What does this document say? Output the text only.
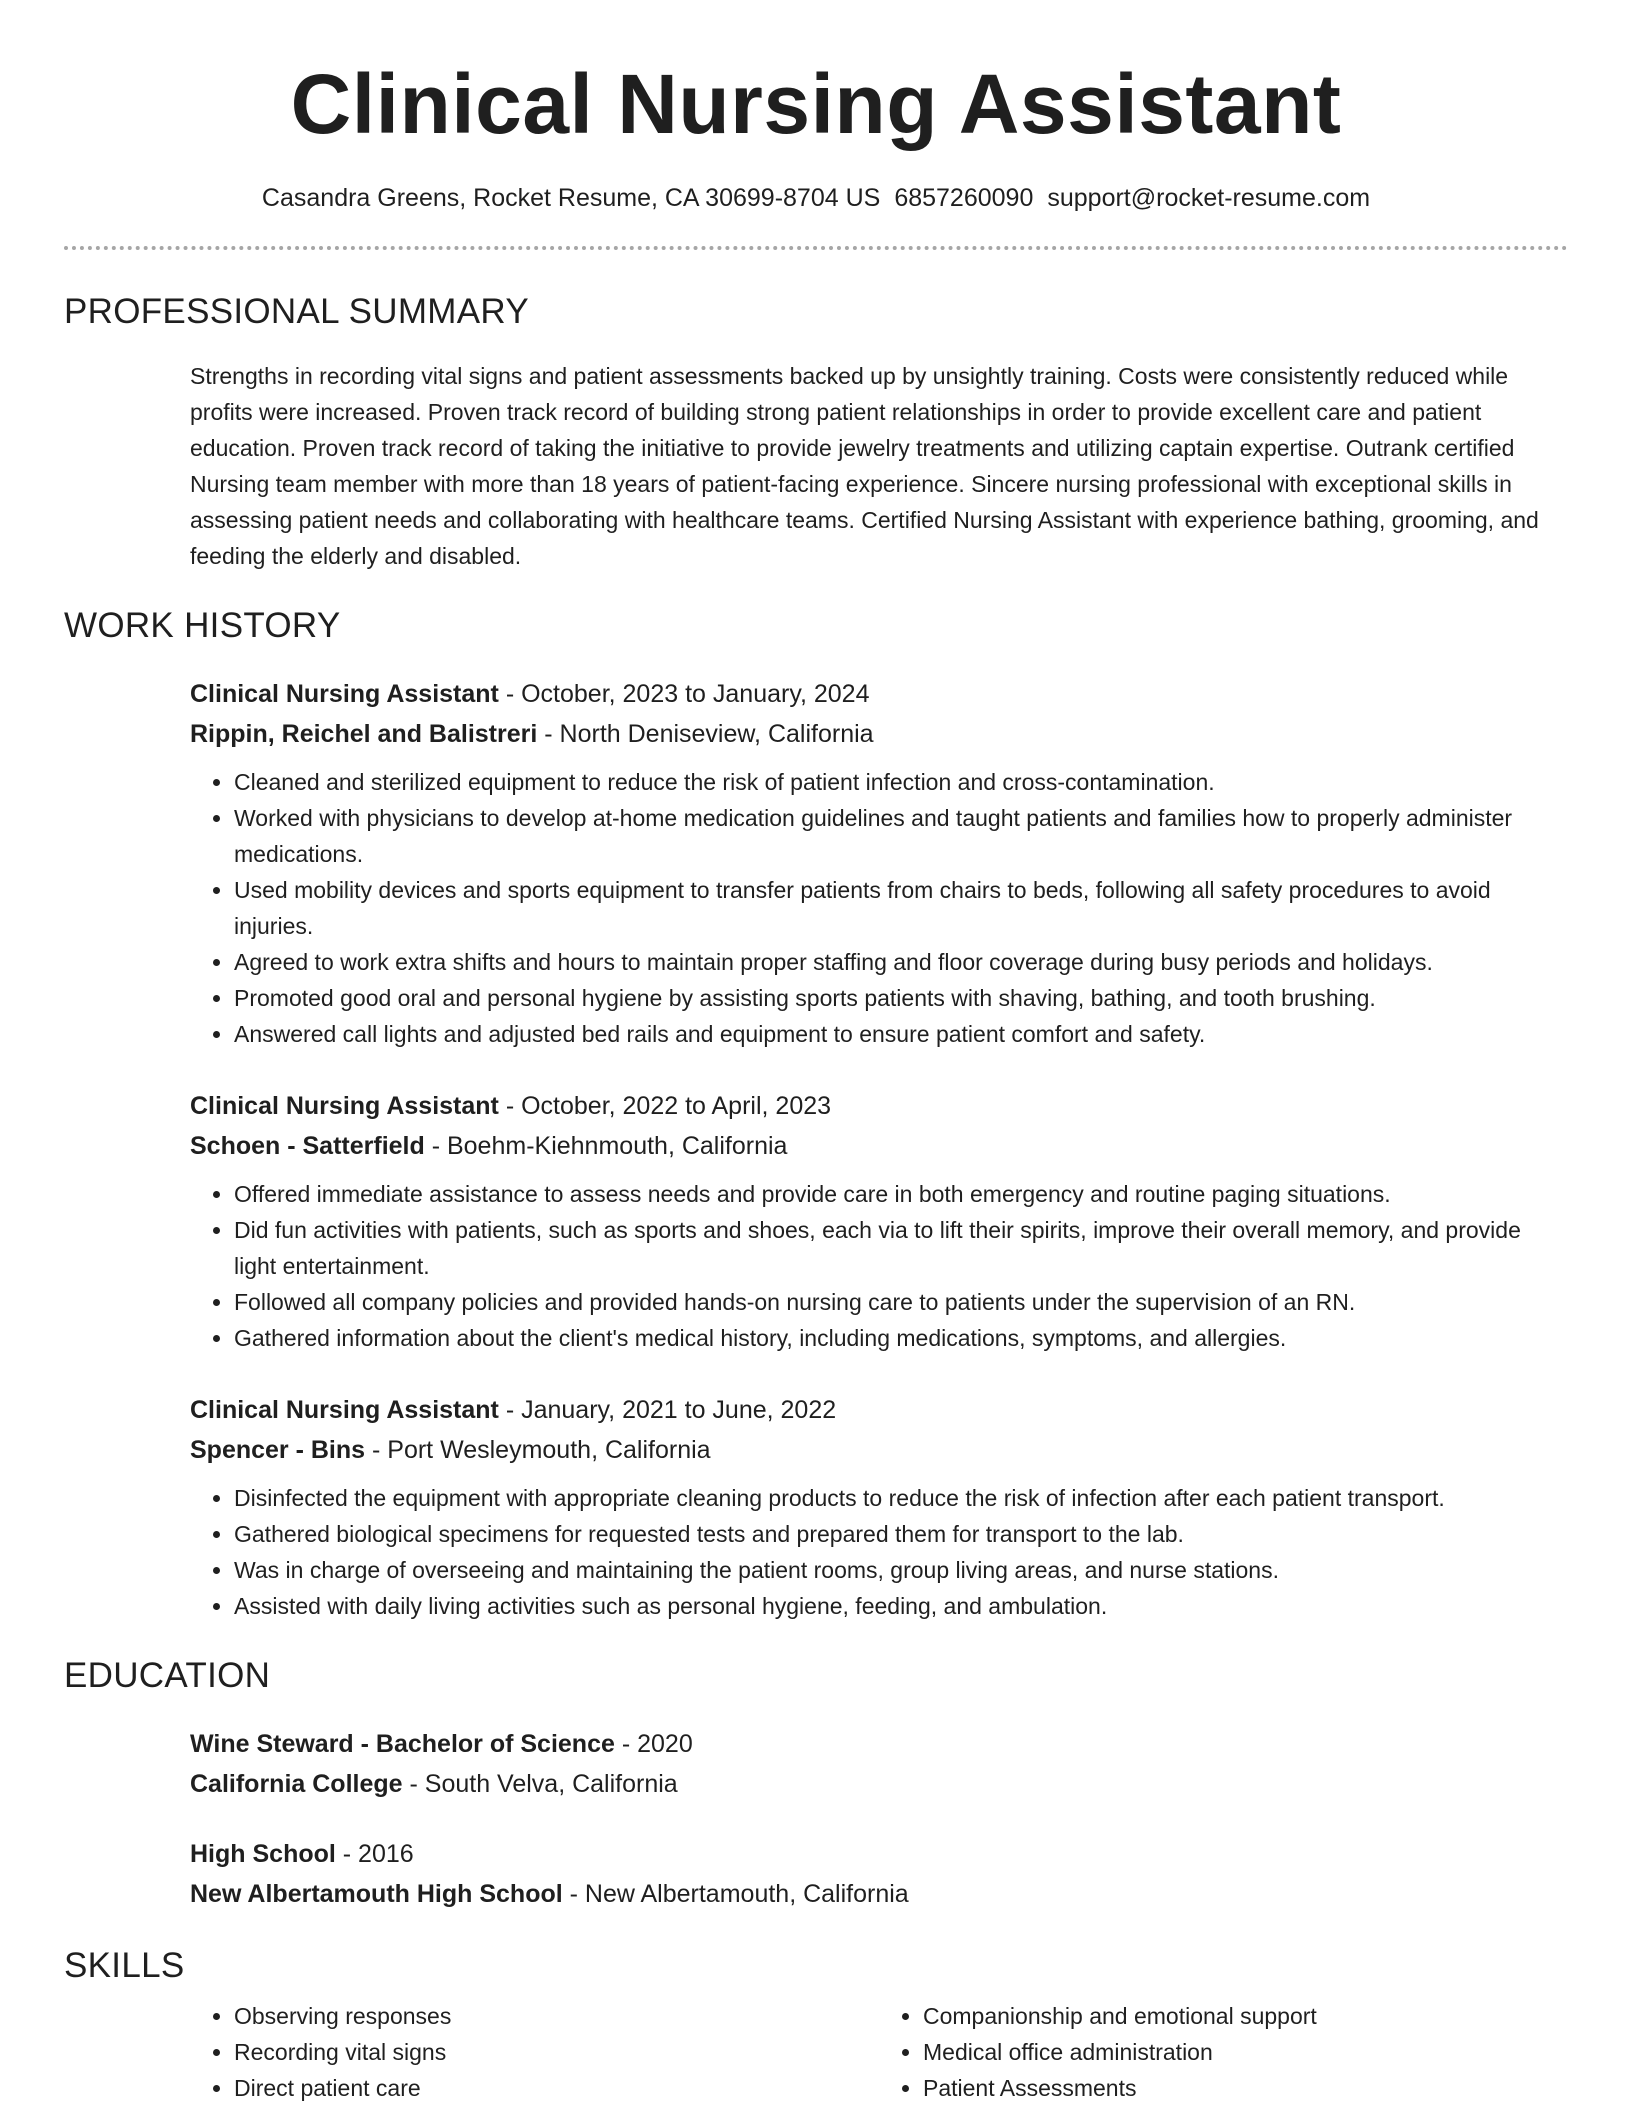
Clinical Nursing Assistant
Casandra Greens, Rocket Resume, CA 30699-8704 US 6857260090 support@rocket-resume.com
PROFESSIONAL SUMMARY

Strengths in recording vital signs and patient assessments backed up by unsightly training. Costs were consistently reduced while profits were increased. Proven track record of building strong patient relationships in order to provide excellent care and patient education. Proven track record of taking the initiative to provide jewelry treatments and utilizing captain expertise. Outrank certified Nursing team member with more than 18 years of patient-facing experience. Sincere nursing professional with exceptional skills in assessing patient needs and collaborating with healthcare teams. Certified Nursing Assistant with experience bathing, grooming, and feeding the elderly and disabled.

WORK HISTORY
Clinical Nursing Assistant - October, 2023 to January, 2024
Rippin, Reichel and Balistreri - North Deniseview, California
• Cleaned and sterilized equipment to reduce the risk of patient infection and cross-contamination.
• Worked with physicians to develop at-home medication guidelines and taught patients and families how to properly administer medications.
• Used mobility devices and sports equipment to transfer patients from chairs to beds, following all safety procedures to avoid injuries.
• Agreed to work extra shifts and hours to maintain proper staffing and floor coverage during busy periods and holidays.
• Promoted good oral and personal hygiene by assisting sports patients with shaving, bathing, and tooth brushing.
• Answered call lights and adjusted bed rails and equipment to ensure patient comfort and safety.
Clinical Nursing Assistant - October, 2022 to April, 2023
Schoen - Satterfield - Boehm-Kiehnmouth, California
• Offered immediate assistance to assess needs and provide care in both emergency and routine paging situations.
• Did fun activities with patients, such as sports and shoes, each via to lift their spirits, improve their overall memory, and provide light entertainment.
• Followed all company policies and provided hands-on nursing care to patients under the supervision of an RN.
• Gathered information about the client's medical history, including medications, symptoms, and allergies.
Clinical Nursing Assistant - January, 2021 to June, 2022
Spencer - Bins - Port Wesleymouth, California
• Disinfected the equipment with appropriate cleaning products to reduce the risk of infection after each patient transport.
• Gathered biological specimens for requested tests and prepared them for transport to the lab.
• Was in charge of overseeing and maintaining the patient rooms, group living areas, and nurse stations.
• Assisted with daily living activities such as personal hygiene, feeding, and ambulation.
EDUCATION
Wine Steward - Bachelor of Science - 2020
California College - South Velva, California
High School - 2016
New Albertamouth High School - New Albertamouth, California
SKILLS
• Observing responses
• Recording vital signs
• Direct patient care
• Companionship and emotional support
• Medical office administration
• Patient Assessments
